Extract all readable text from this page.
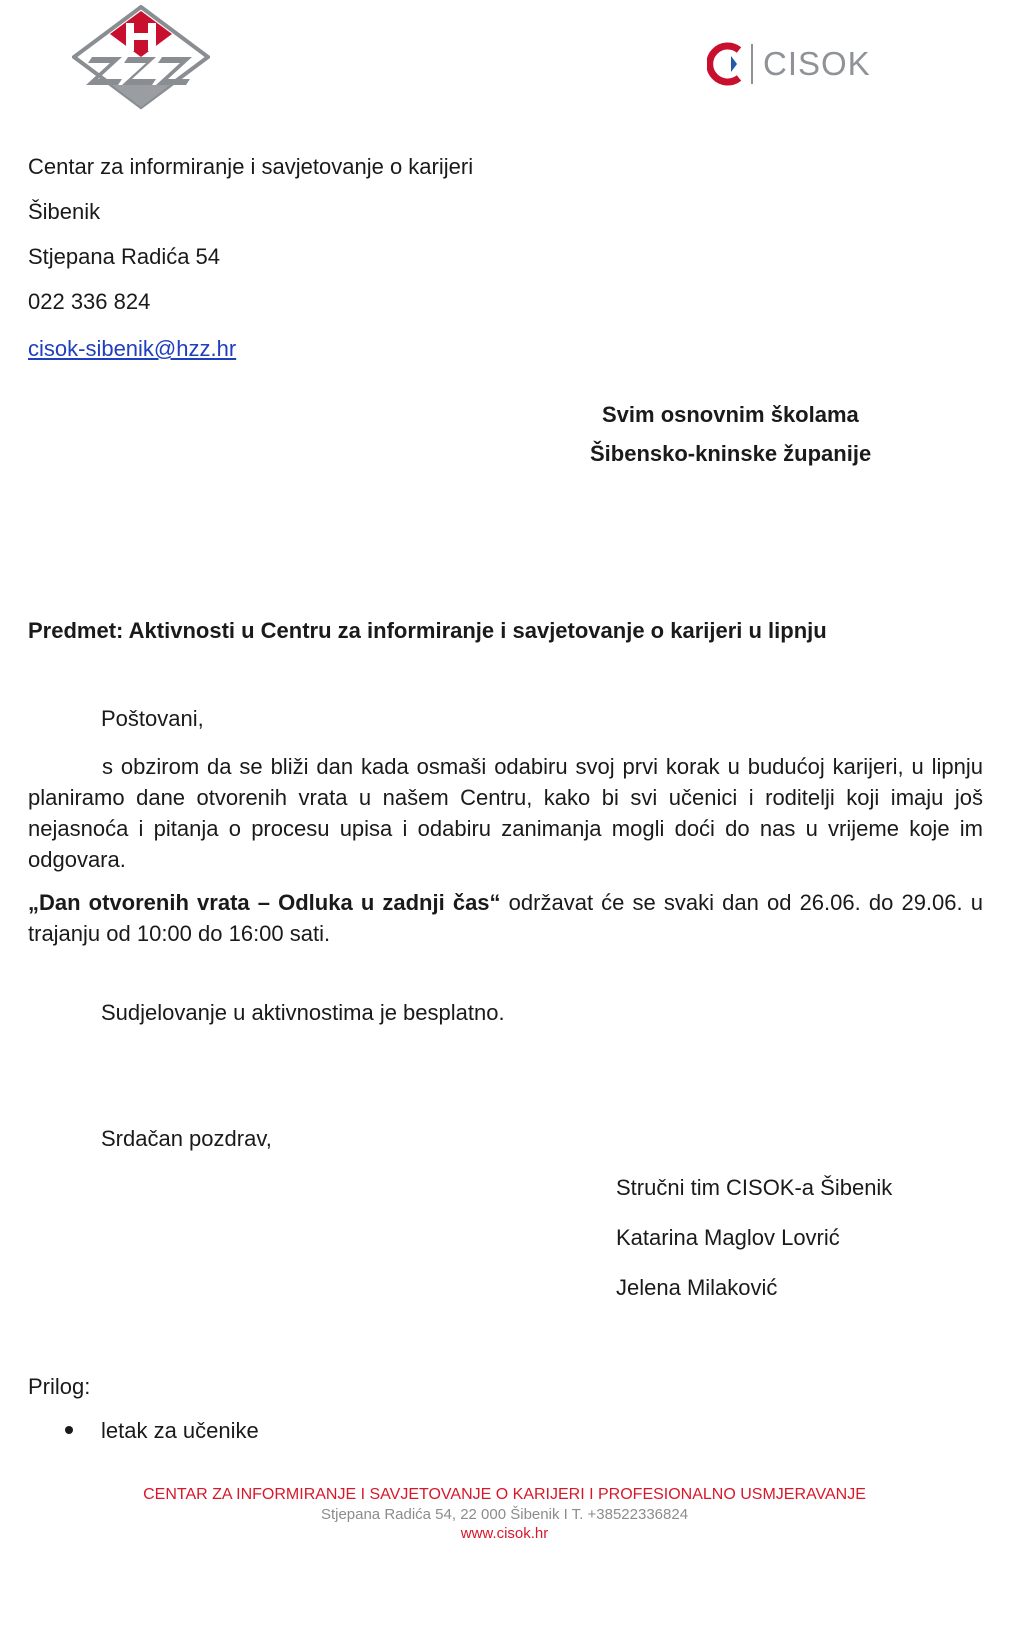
CISOK
Centar za informiranje i savjetovanje o karijeri
Šibenik
Stjepana Radića 54
022 336 824
cisok-sibenik@hzz.hr
Svim osnovnim školama
Šibensko-kninske županije
Predmet: Aktivnosti u Centru za informiranje i savjetovanje o karijeri u lipnju
Poštovani,
s obzirom da se bliži dan kada osmaši odabiru svoj prvi korak u budućoj karijeri, u lipnju planiramo dane otvorenih vrata u našem Centru, kako bi svi učenici i roditelji koji imaju još nejasnoća i pitanja o procesu upisa i odabiru zanimanja mogli doći do nas u vrijeme koje im odgovara.
„Dan otvorenih vrata – Odluka u zadnji čas“ održavat će se svaki dan od 26.06. do 29.06. u trajanju od 10:00 do 16:00 sati.
Sudjelovanje u aktivnostima je besplatno.
Srdačan pozdrav,
Stručni tim CISOK-a Šibenik
Katarina Maglov Lovrić
Jelena Milaković
Prilog:
letak za učenike
CENTAR ZA INFORMIRANJE I SAVJETOVANJE O KARIJERI I PROFESIONALNO USMJERAVANJE
Stjepana Radića 54, 22 000 Šibenik I T. +38522336824
www.cisok.hr
